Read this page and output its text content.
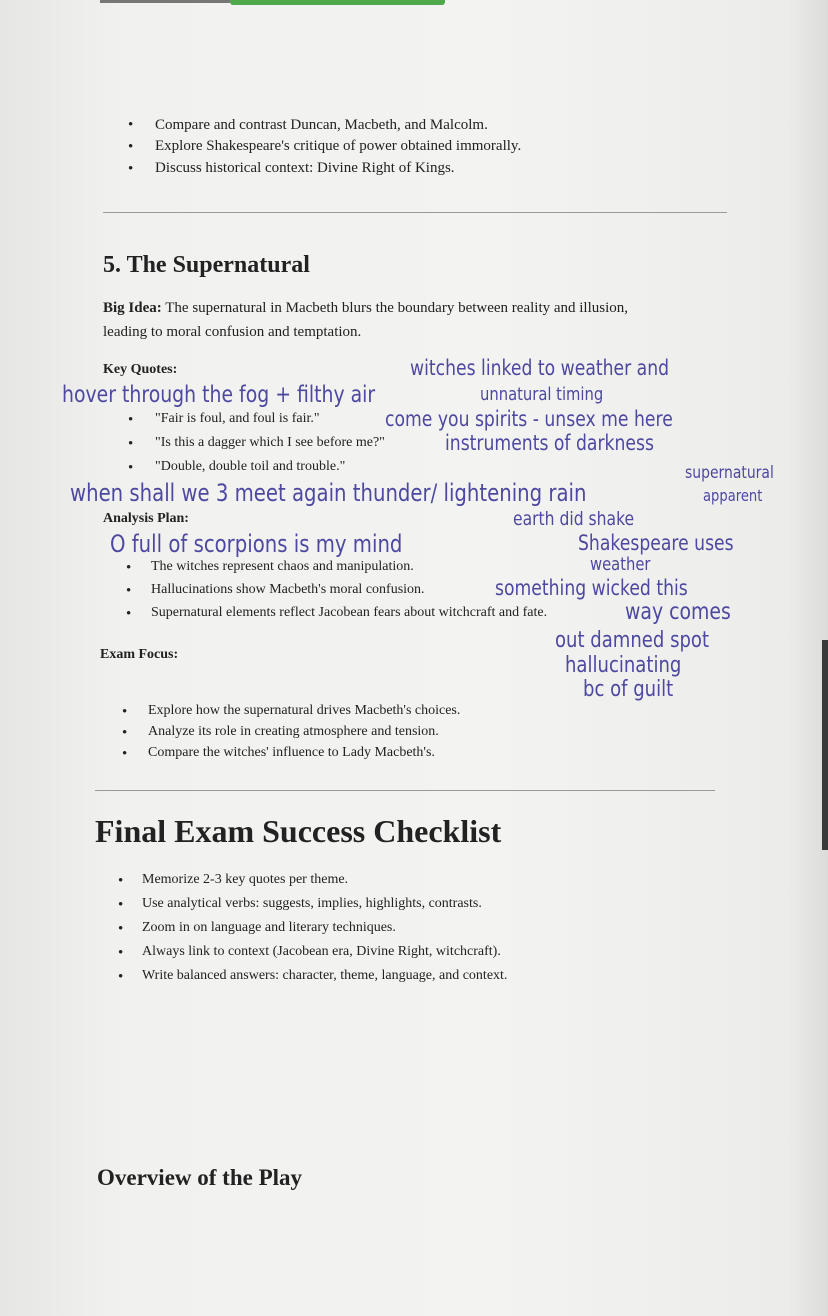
• Compare and contrast Duncan, Macbeth, and Malcolm.
• Explore Shakespeare's critique of power obtained immorally.
• Discuss historical context: Divine Right of Kings.
5. The Supernatural
Big Idea: The supernatural in Macbeth blurs the boundary between reality and illusion,
leading to moral confusion and temptation.
Key Quotes:
• "Fair is foul, and foul is fair."
• "Is this a dagger which I see before me?"
• "Double, double toil and trouble."
Analysis Plan:
• The witches represent chaos and manipulation.
• Hallucinations show Macbeth's moral confusion.
• Supernatural elements reflect Jacobean fears about witchcraft and fate.
Exam Focus:
• Explore how the supernatural drives Macbeth's choices.
• Analyze its role in creating atmosphere and tension.
• Compare the witches' influence to Lady Macbeth's.
Final Exam Success Checklist
• Memorize 2-3 key quotes per theme.
• Use analytical verbs: suggests, implies, highlights, contrasts.
• Zoom in on language and literary techniques.
• Always link to context (Jacobean era, Divine Right, witchcraft).
• Write balanced answers: character, theme, language, and context.
Overview of the Play
witches linked to weather and
hover through the fog + filthy air	unnatural timing
come you spirits - unsex me here
instruments of darkness
when shall we 3 meet again thunder/ lightening rain
supernatural
apparent
earth did shake
O full of scorpions is my mind	Shakespeare uses
weather
something wicked this
way comes
out damned spot
hallucinating
bc of guilt
